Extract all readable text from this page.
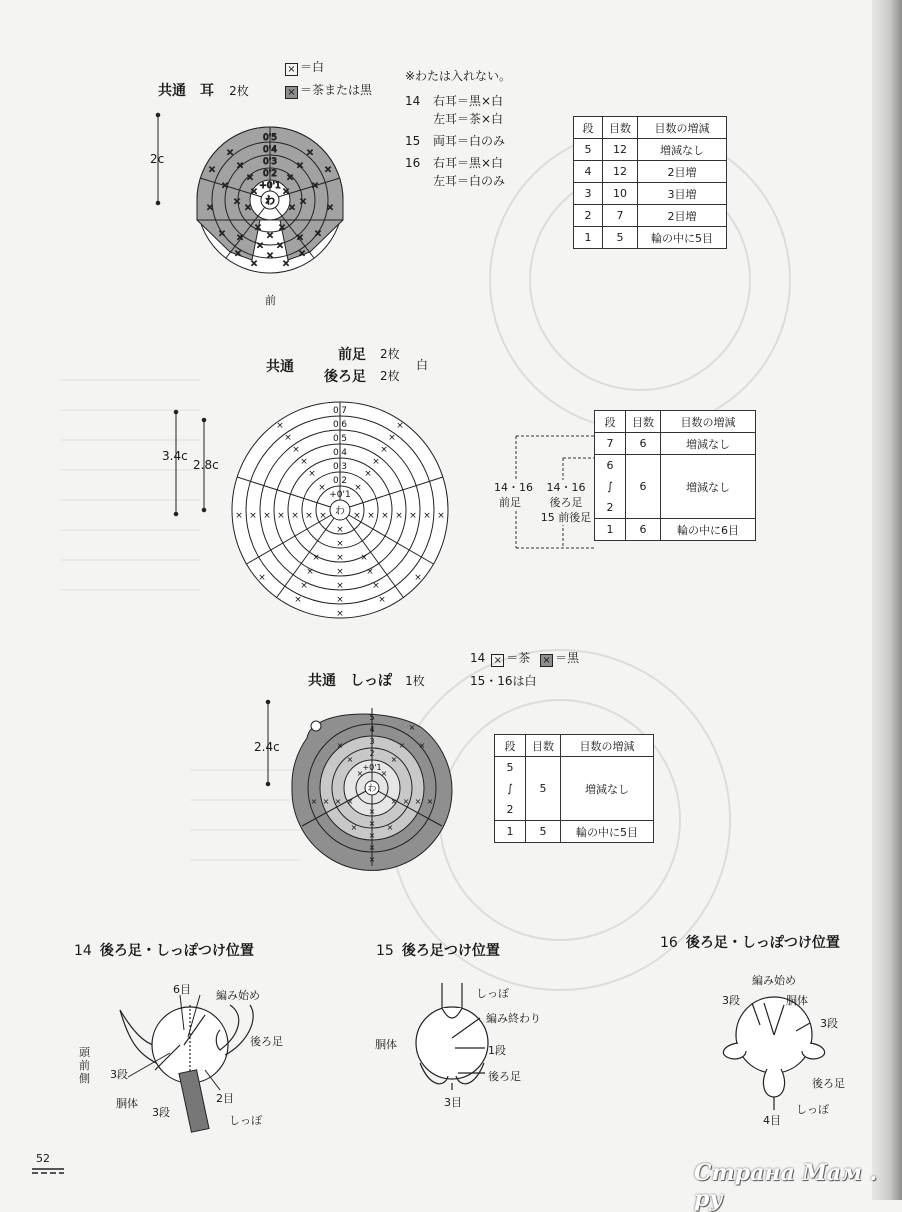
× ＝白
× ＝茶または黒
共通　耳 2枚
2c
わ
0'5
0'4
0'3
0'2
+0'1
×	×
×	×
×	×
×	×
×	×
×	×
×	×
×	×
×	×
× ×
×	×
×	×
× ×
×	×
×	×
×
×
前
※わたは入れない。
14 右耳＝黒×白
左耳＝茶×白
15 両耳＝白のみ
16 右耳＝黒×白
左耳＝白のみ
段	目数	目数の増減
5	12	増減なし
4	12	2目増
3	10	3目増
2	7	2目増
1	5	輪の中に5目
共通
前足 2枚
後ろ足 2枚
白
3.4c
2.8c
わ
0'7
0'6
0'5
0'4
0'3
0'2
+0'1
×	×
×	×
×	×
×	×
×	×
×	×
×	×
×	×
×	×
×	×
×	×
×	×
×	×
×
×
×
×
×
×
×
×	×
×	×
×	×
×	×
×	×
14・16
前足
14・16
後ろ足
15 前後足
段	目数	目数の増減
7	6	増減なし
6	6	増減なし
∫		
2		
1	6	輪の中に6目
14 × ＝茶 × ＝黒
15・16は白
共通　しっぽ 1枚
2.4c
わ
5
4
3
2
+0'1
×
×
×
×
×
×
× ×
× × × ×	×
×
×
×
×
×
×
×
×
×	×
段	目数	目数の増減
5	5	増減なし
∫		
2		
1	5	輪の中に5目
14 後ろ足・しっぽつけ位置
6目 編み始め
頭前側
後ろ足
3段
胴体	2目
3段
しっぽ
15 後ろ足つけ位置
しっぽ
編み終わり
胴体	1段
後ろ足
3目
16 後ろ足・しっぽつけ位置
編み始め
3段	胴体
3段
後ろ足
しっぽ
4目
52
Страна Мам . ру
